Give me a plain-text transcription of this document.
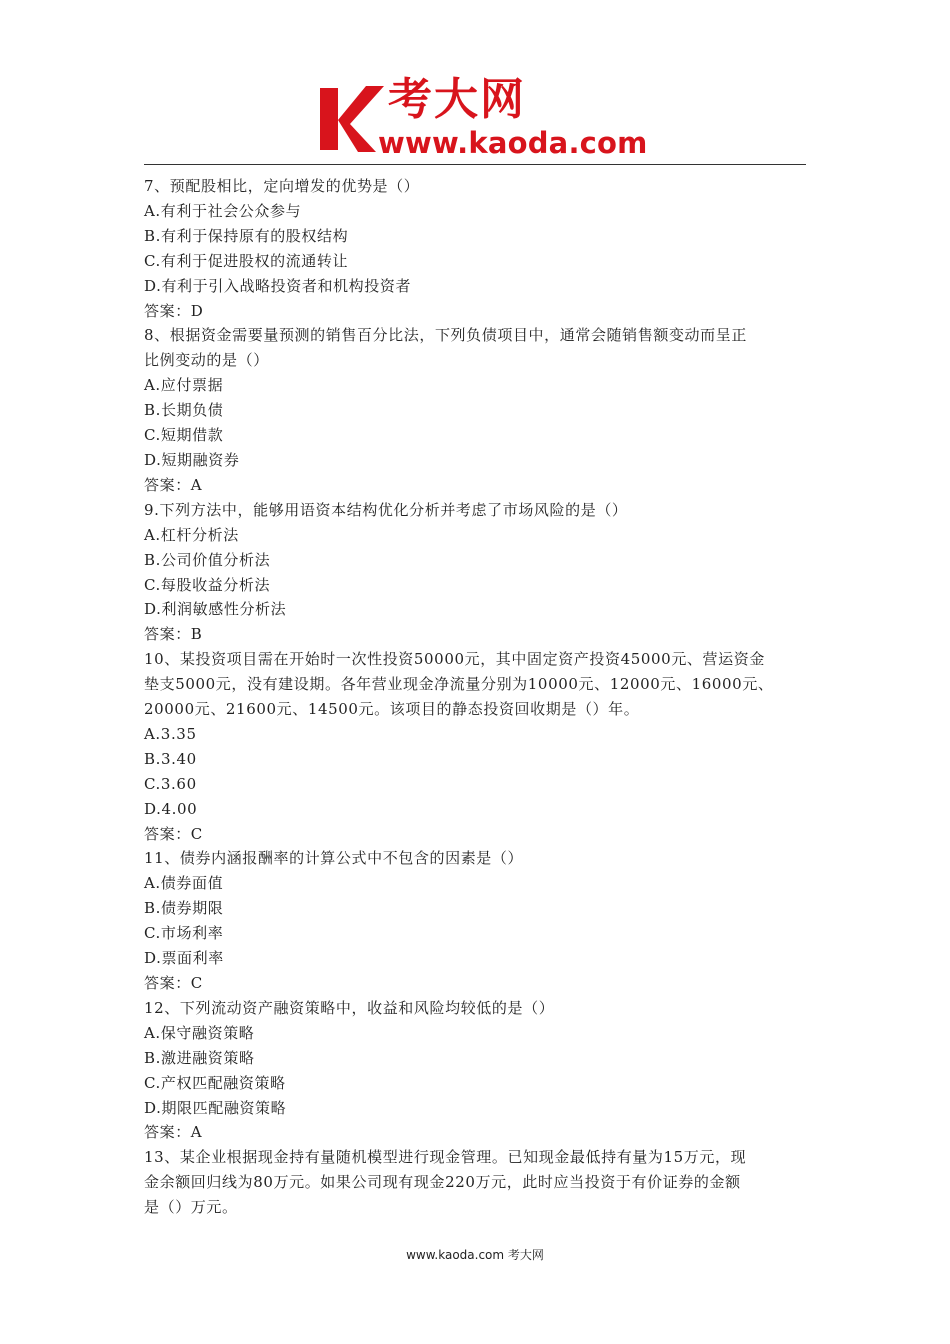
考大网
www.kaoda.com
7、预配股相比，定向增发的优势是（）
A.有利于社会公众参与
B.有利于保持原有的股权结构
C.有利于促进股权的流通转让
D.有利于引入战略投资者和机构投资者
答案：D
8、根据资金需要量预测的销售百分比法，下列负债项目中，通常会随销售额变动而呈正
比例变动的是（）
A.应付票据
B.长期负债
C.短期借款
D.短期融资券
答案：A
9.下列方法中，能够用语资本结构优化分析并考虑了市场风险的是（）
A.杠杆分析法
B.公司价值分析法
C.每股收益分析法
D.利润敏感性分析法
答案：B
10、某投资项目需在开始时一次性投资50000元，其中固定资产投资45000元、营运资金
垫支5000元，没有建设期。各年营业现金净流量分别为10000元、12000元、16000元、
20000元、21600元、14500元。该项目的静态投资回收期是（）年。
A.3.35
B.3.40
C.3.60
D.4.00
答案：C
11、债券内涵报酬率的计算公式中不包含的因素是（）
A.债券面值
B.债券期限
C.市场利率
D.票面利率
答案：C
12、下列流动资产融资策略中，收益和风险均较低的是（）
A.保守融资策略
B.激进融资策略
C.产权匹配融资策略
D.期限匹配融资策略
答案：A
13、某企业根据现金持有量随机模型进行现金管理。已知现金最低持有量为15万元，现
金余额回归线为80万元。如果公司现有现金220万元，此时应当投资于有价证券的金额
是（）万元。
www.kaoda.com 考大网
